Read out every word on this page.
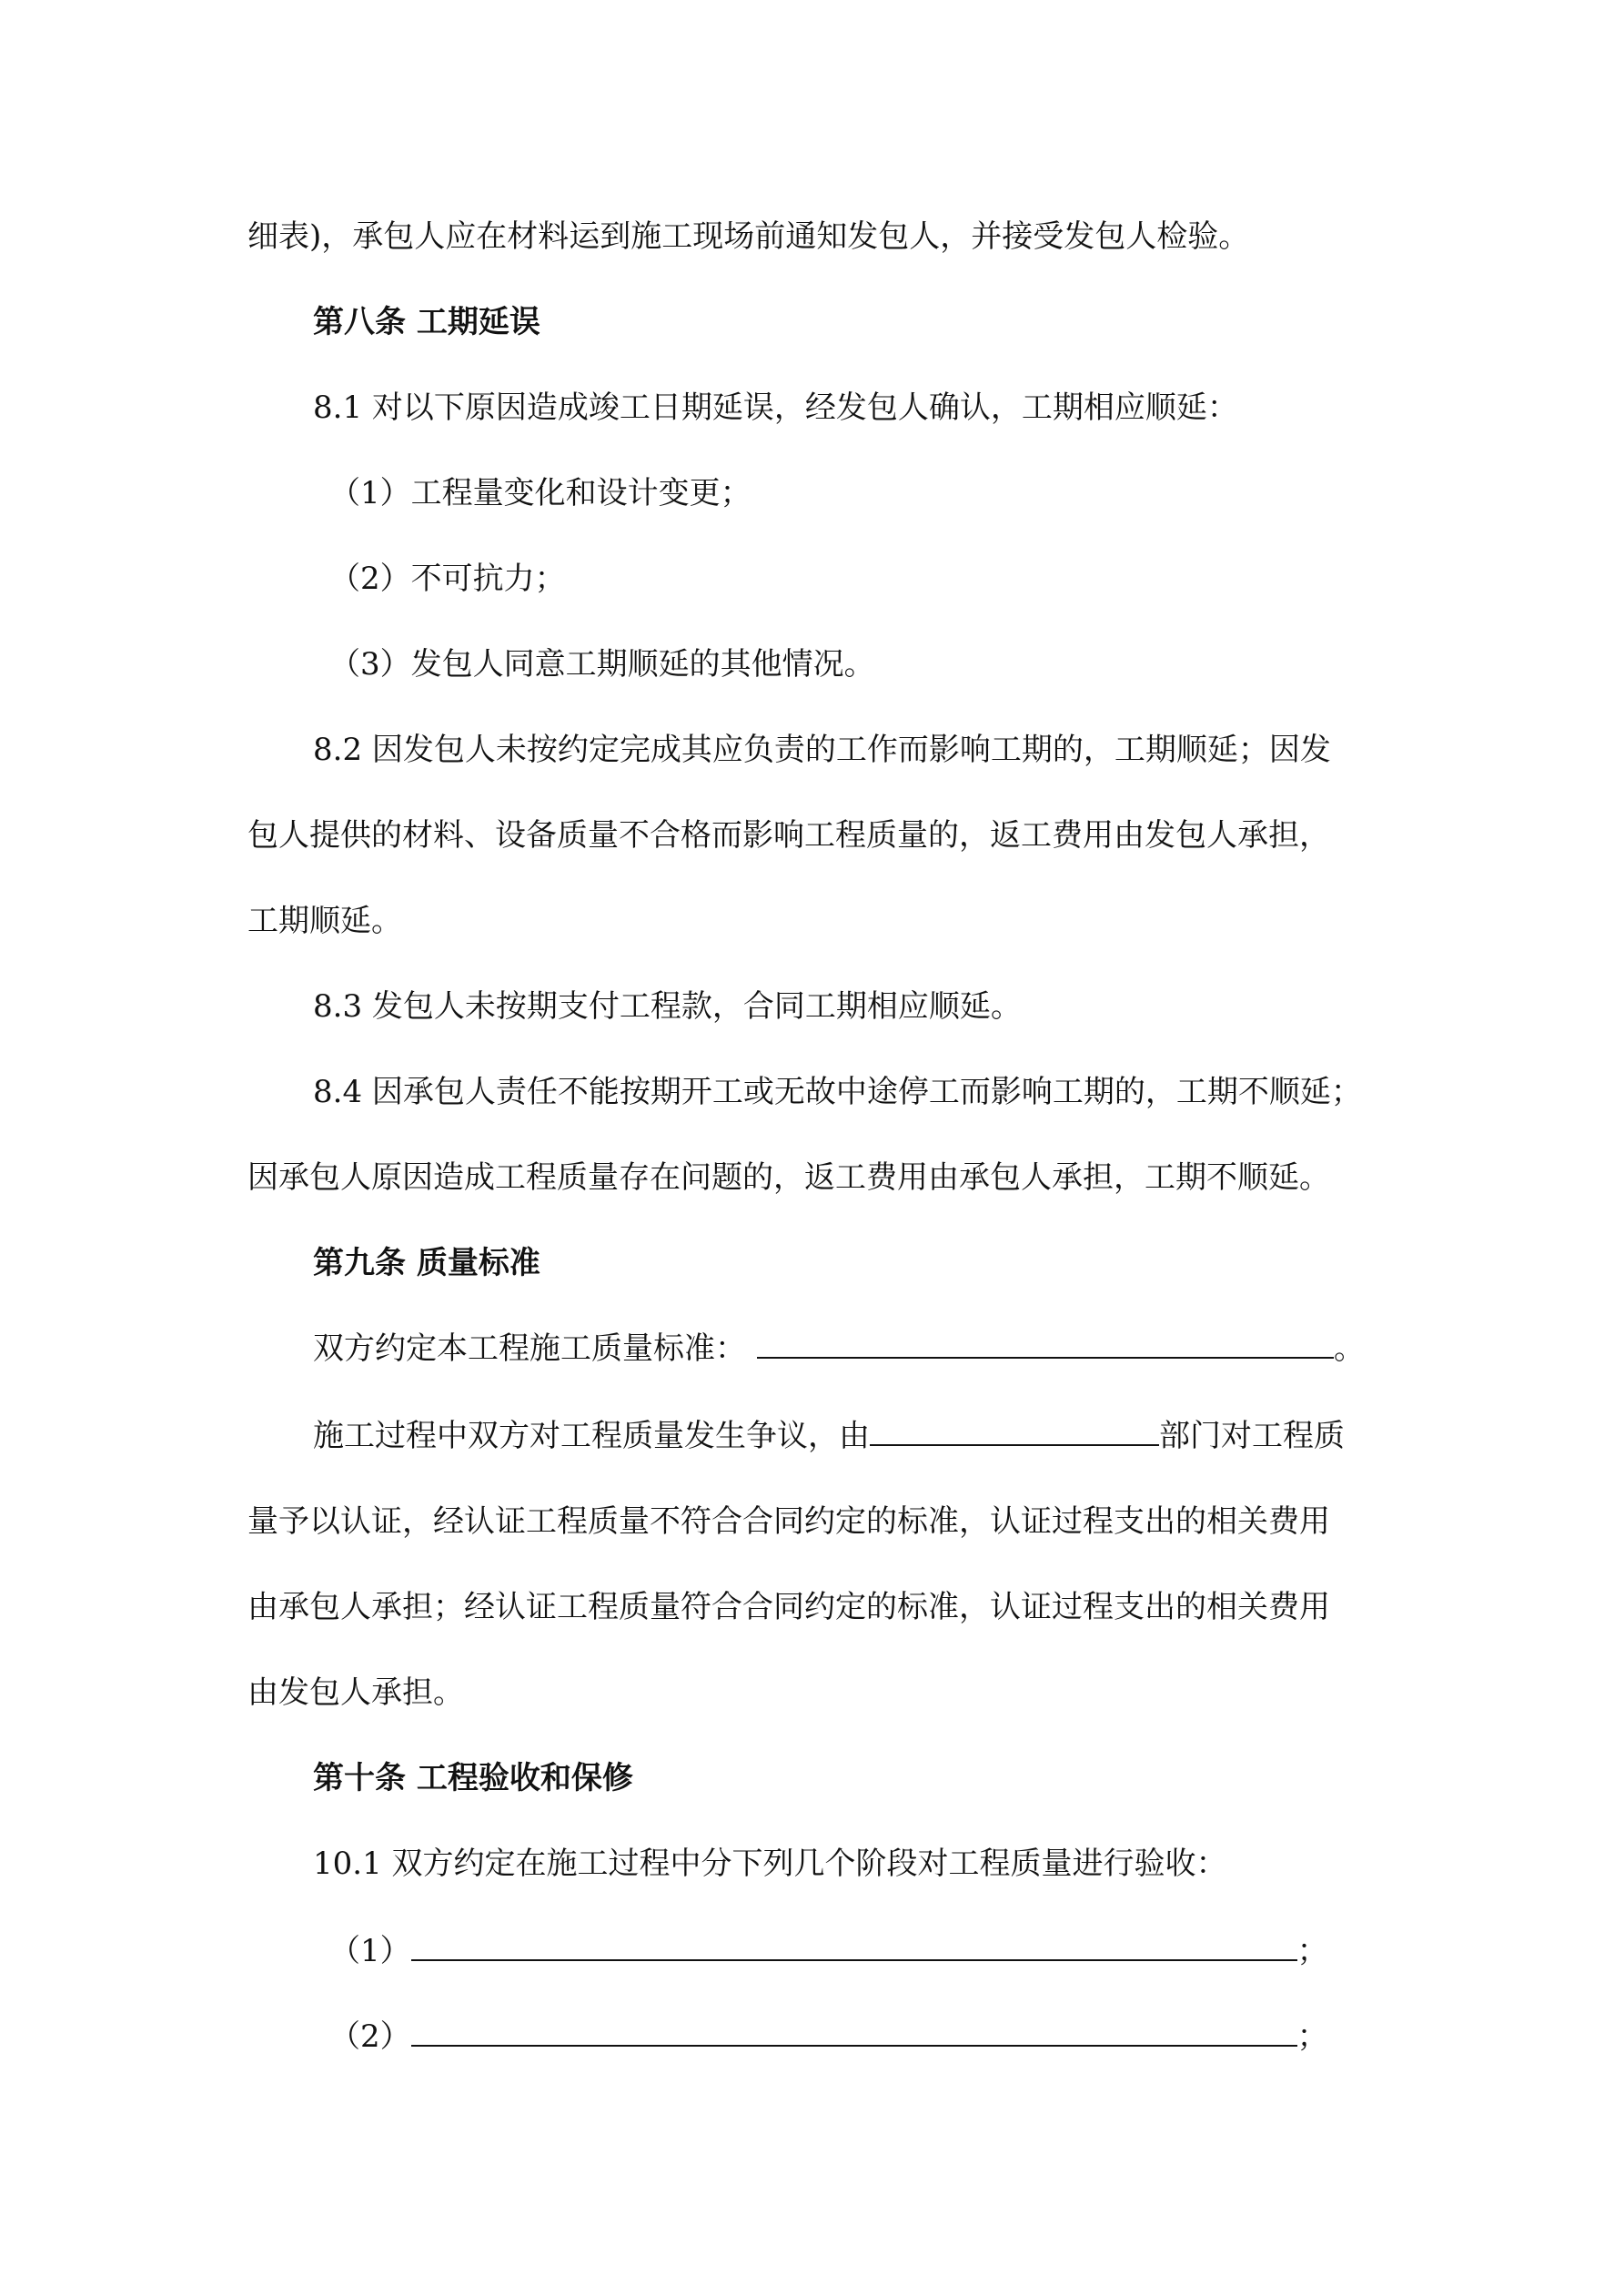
细表)，承包人应在材料运到施工现场前通知发包人，并接受发包人检验。
第八条 工期延误
8.1 对以下原因造成竣工日期延误，经发包人确认，工期相应顺延：
（1）工程量变化和设计变更；
（2）不可抗力；
（3）发包人同意工期顺延的其他情况。
8.2 因发包人未按约定完成其应负责的工作而影响工期的，工期顺延；因发
包人提供的材料、设备质量不合格而影响工程质量的，返工费用由发包人承担，
工期顺延。
8.3 发包人未按期支付工程款，合同工期相应顺延。
8.4 因承包人责任不能按期开工或无故中途停工而影响工期的，工期不顺延；
因承包人原因造成工程质量存在问题的，返工费用由承包人承担，工期不顺延。
第九条 质量标准
双方约定本工程施工质量标准：	。
施工过程中双方对工程质量发生争议，由	部门对工程质
量予以认证，经认证工程质量不符合合同约定的标准，认证过程支出的相关费用
由承包人承担；经认证工程质量符合合同约定的标准，认证过程支出的相关费用
由发包人承担。
第十条 工程验收和保修
10.1 双方约定在施工过程中分下列几个阶段对工程质量进行验收：
（1）	；
（2）	；
